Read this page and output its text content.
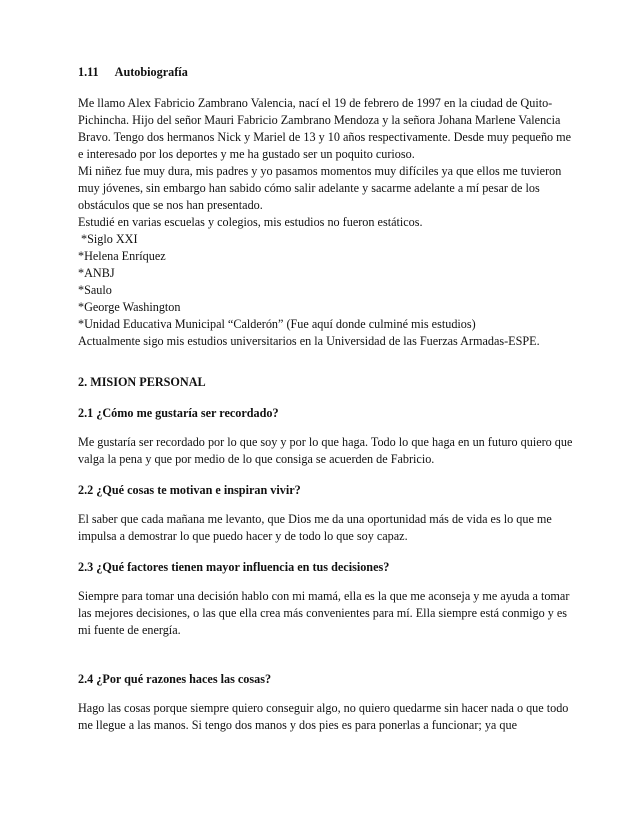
1.11 Autobiografía

Me llamo Alex Fabricio Zambrano Valencia, nací el 19 de febrero de 1997 en la ciudad de Quito-Pichincha. Hijo del señor Mauri Fabricio Zambrano Mendoza y la señora Johana Marlene Valencia Bravo. Tengo dos hermanos Nick y Mariel de 13 y 10 años respectivamente. Desde muy pequeño me e interesado por los deportes y me ha gustado ser un poquito curioso.

Mi niñez fue muy dura, mis padres y yo pasamos momentos muy difíciles ya que ellos me tuvieron muy jóvenes, sin embargo han sabido cómo salir adelante y sacarme adelante a mí pesar de los obstáculos que se nos han presentado.

Estudié en varias escuelas y colegios, mis estudios no fueron estáticos.

*Siglo XXI
*Helena Enríquez
*ANBJ
*Saulo
*George Washington
*Unidad Educativa Municipal “Calderón” (Fue aquí donde culminé mis estudios)

Actualmente sigo mis estudios universitarios en la Universidad de las Fuerzas Armadas-ESPE.

2. MISION PERSONAL
2.1 ¿Cómo me gustaría ser recordado?

Me gustaría ser recordado por lo que soy y por lo que haga. Todo lo que haga en un futuro quiero que valga la pena y que por medio de lo que consiga se acuerden de Fabricio.

2.2 ¿Qué cosas te motivan e inspiran vivir?

El saber que cada mañana me levanto, que Dios me da una oportunidad más de vida es lo que me impulsa a demostrar lo que puedo hacer y de todo lo que soy capaz.

2.3 ¿Qué factores tienen mayor influencia en tus decisiones?

Siempre para tomar una decisión hablo con mi mamá, ella es la que me aconseja y me ayuda a tomar las mejores decisiones, o las que ella crea más convenientes para mí. Ella siempre está conmigo y es mi fuente de energía.

2.4 ¿Por qué razones haces las cosas?

Hago las cosas porque siempre quiero conseguir algo, no quiero quedarme sin hacer nada o que todo me llegue a las manos. Si tengo dos manos y dos pies es para ponerlas a funcionar; ya que
